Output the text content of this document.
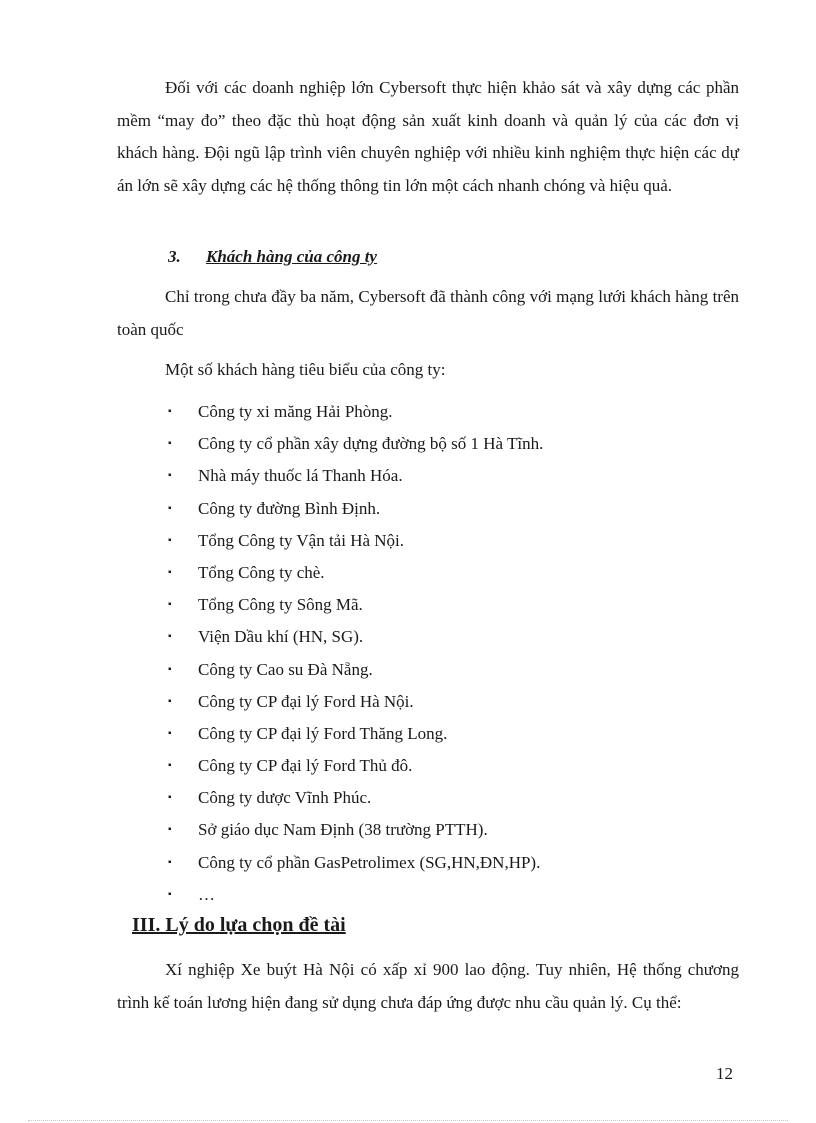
Đối với các doanh nghiệp lớn Cybersoft thực hiện khảo sát và xây dựng các phần mềm “may đo” theo đặc thù hoạt động sản xuất kinh doanh và quản lý của các đơn vị khách hàng. Đội ngũ lập trình viên chuyên nghiệp với nhiều kinh nghiệm thực hiện các dự án lớn sẽ xây dựng các hệ thống thông tin lớn một cách nhanh chóng và hiệu quả.

3. Khách hàng của công ty

Chỉ trong chưa đầy ba năm, Cybersoft đã thành công với mạng lưới khách hàng trên toàn quốc

Một số khách hàng tiêu biểu của công ty:

▪	Công ty xi măng Hải Phòng.
▪	Công ty cổ phần xây dựng đường bộ số 1 Hà Tĩnh.
▪	Nhà máy thuốc lá Thanh Hóa.
▪	Công ty đường Bình Định.
▪	Tổng Công ty Vận tải Hà Nội.
▪	Tổng Công ty chè.
▪	Tổng Công ty Sông Mã.
▪	Viện Dầu khí (HN, SG).
▪	Công ty Cao su Đà Nẵng.
▪	Công ty CP đại lý Ford Hà Nội.
▪	Công ty CP đại lý Ford Thăng Long.
▪	Công ty CP đại lý Ford Thủ đô.
▪	Công ty dược Vĩnh Phúc.
▪	Sở giáo dục Nam Định (38 trường PTTH).
▪	Công ty cổ phần GasPetrolimex (SG,HN,ĐN,HP).
▪	…
III. Lý do lựa chọn đề tài

Xí nghiệp Xe buýt Hà Nội có xấp xỉ 900 lao động. Tuy nhiên, Hệ thống chương trình kế toán lương hiện đang sử dụng chưa đáp ứng được nhu cầu quản lý. Cụ thể:

12
